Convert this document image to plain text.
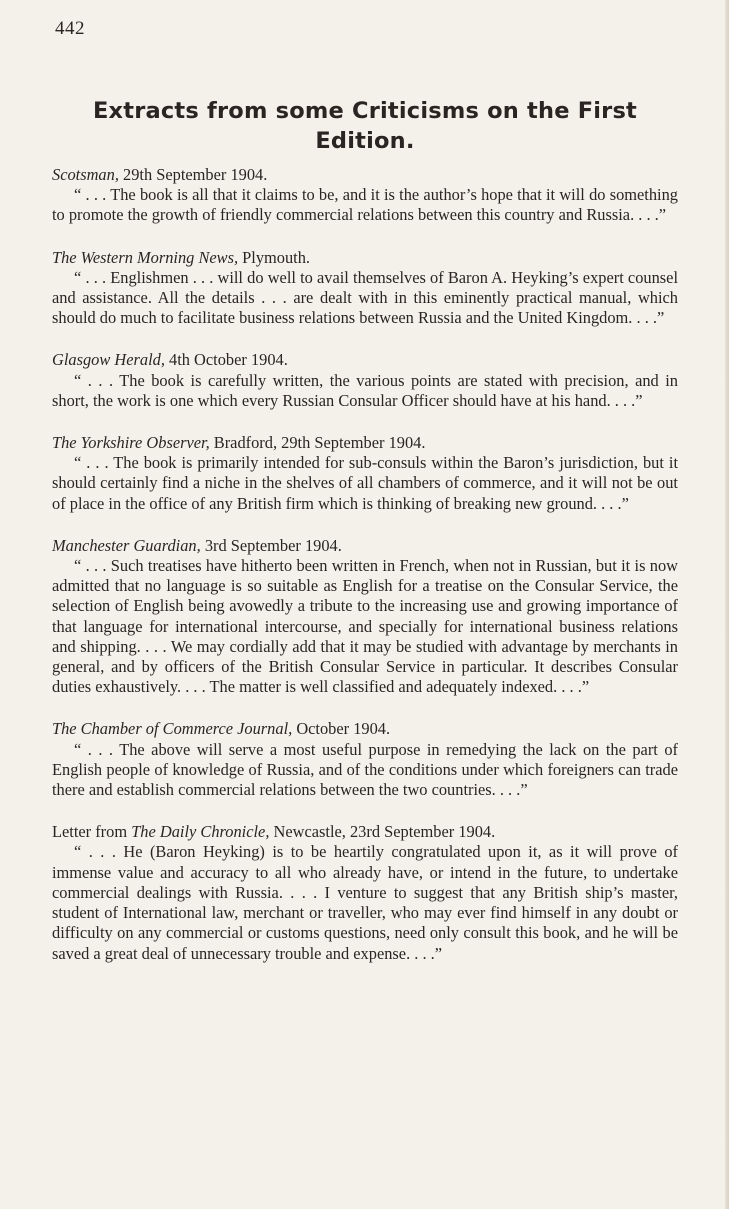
442
Extracts from some Criticisms on the First Edition.

Scotsman, 29th September 1904.

“ . . . The book is all that it claims to be, and it is the author’s hope that it will do something to promote the growth of friendly commercial relations between this country and Russia. . . .”

The Western Morning News, Plymouth.

“ . . . Englishmen . . . will do well to avail themselves of Baron A. Heyking’s expert counsel and assistance. All the details . . . are dealt with in this eminently practical manual, which should do much to facilitate business relations between Russia and the United Kingdom. . . .”

Glasgow Herald, 4th October 1904.

“ . . . The book is carefully written, the various points are stated with precision, and in short, the work is one which every Russian Consular Officer should have at his hand. . . .”

The Yorkshire Observer, Bradford, 29th September 1904.

“ . . . The book is primarily intended for sub-consuls within the Baron’s jurisdiction, but it should certainly find a niche in the shelves of all chambers of commerce, and it will not be out of place in the office of any British firm which is thinking of breaking new ground. . . .”

Manchester Guardian, 3rd September 1904.

“ . . . Such treatises have hitherto been written in French, when not in Russian, but it is now admitted that no language is so suitable as English for a treatise on the Consular Service, the selection of English being avowedly a tribute to the increasing use and growing importance of that language for international intercourse, and specially for international business relations and shipping. . . . We may cordially add that it may be studied with advantage by merchants in general, and by officers of the British Consular Service in particular. It describes Consular duties exhaustively. . . . The matter is well classified and adequately indexed. . . .”

The Chamber of Commerce Journal, October 1904.

“ . . . The above will serve a most useful purpose in remedying the lack on the part of English people of knowledge of Russia, and of the conditions under which foreigners can trade there and establish commercial relations between the two countries. . . .”

Letter from The Daily Chronicle, Newcastle, 23rd September 1904.

“ . . . He (Baron Heyking) is to be heartily congratulated upon it, as it will prove of immense value and accuracy to all who already have, or intend in the future, to undertake commercial dealings with Russia. . . . I venture to suggest that any British ship’s master, student of International law, merchant or traveller, who may ever find himself in any doubt or difficulty on any commercial or customs questions, need only consult this book, and he will be saved a great deal of unnecessary trouble and expense. . . .”
